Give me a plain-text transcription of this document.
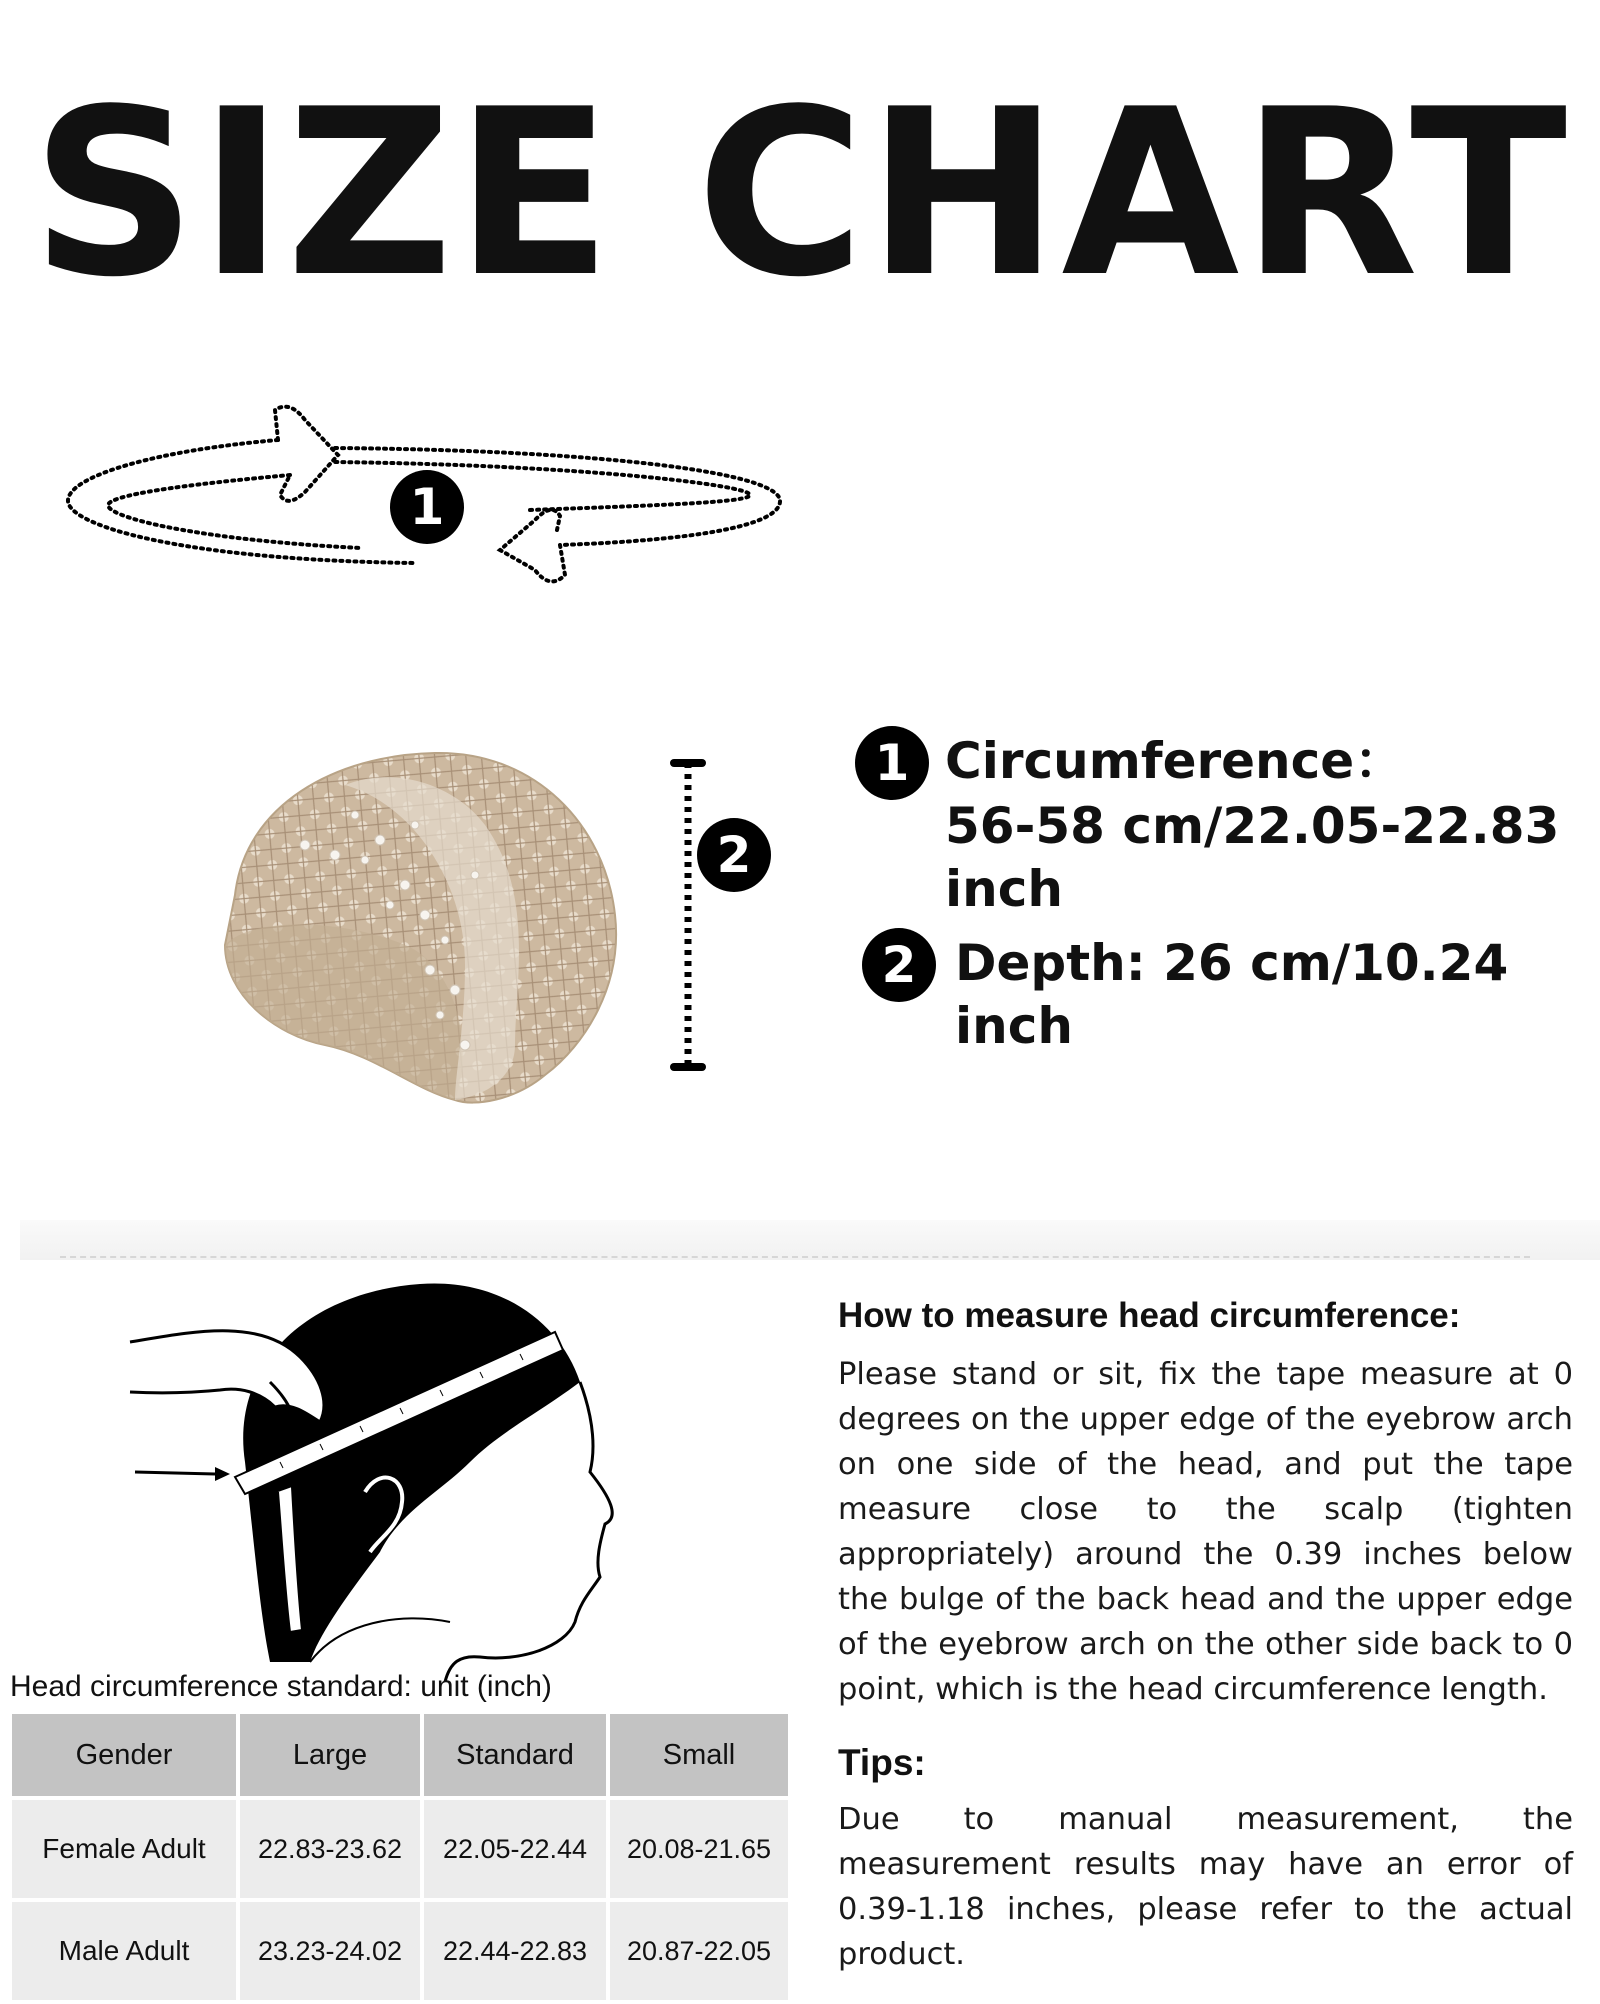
SIZE CHART
1
2
1 Circumference：
56-58 cm/22.05-22.83 inch
2 Depth: 26 cm/10.24 inch
Head circumference standard: unit (inch)
Gender	Large	Standard	Small
Female Adult	22.83-23.62	22.05-22.44	20.08-21.65
Male Adult	23.23-24.02	22.44-22.83	20.87-22.05
How to measure head circumference:
Please stand or sit, fix the tape measure at 0 degrees on the upper edge of the eyebrow arch on one side of the head, and put the tape measure close to the scalp (tighten appropriately) around the 0.39 inches below the bulge of the back head and the upper edge of the eyebrow arch on the other side back to 0 point, which is the head circumference length.
Tips:
Due to manual measurement, the measurement results may have an error of 0.39-1.18 inches, please refer to the actual product.
